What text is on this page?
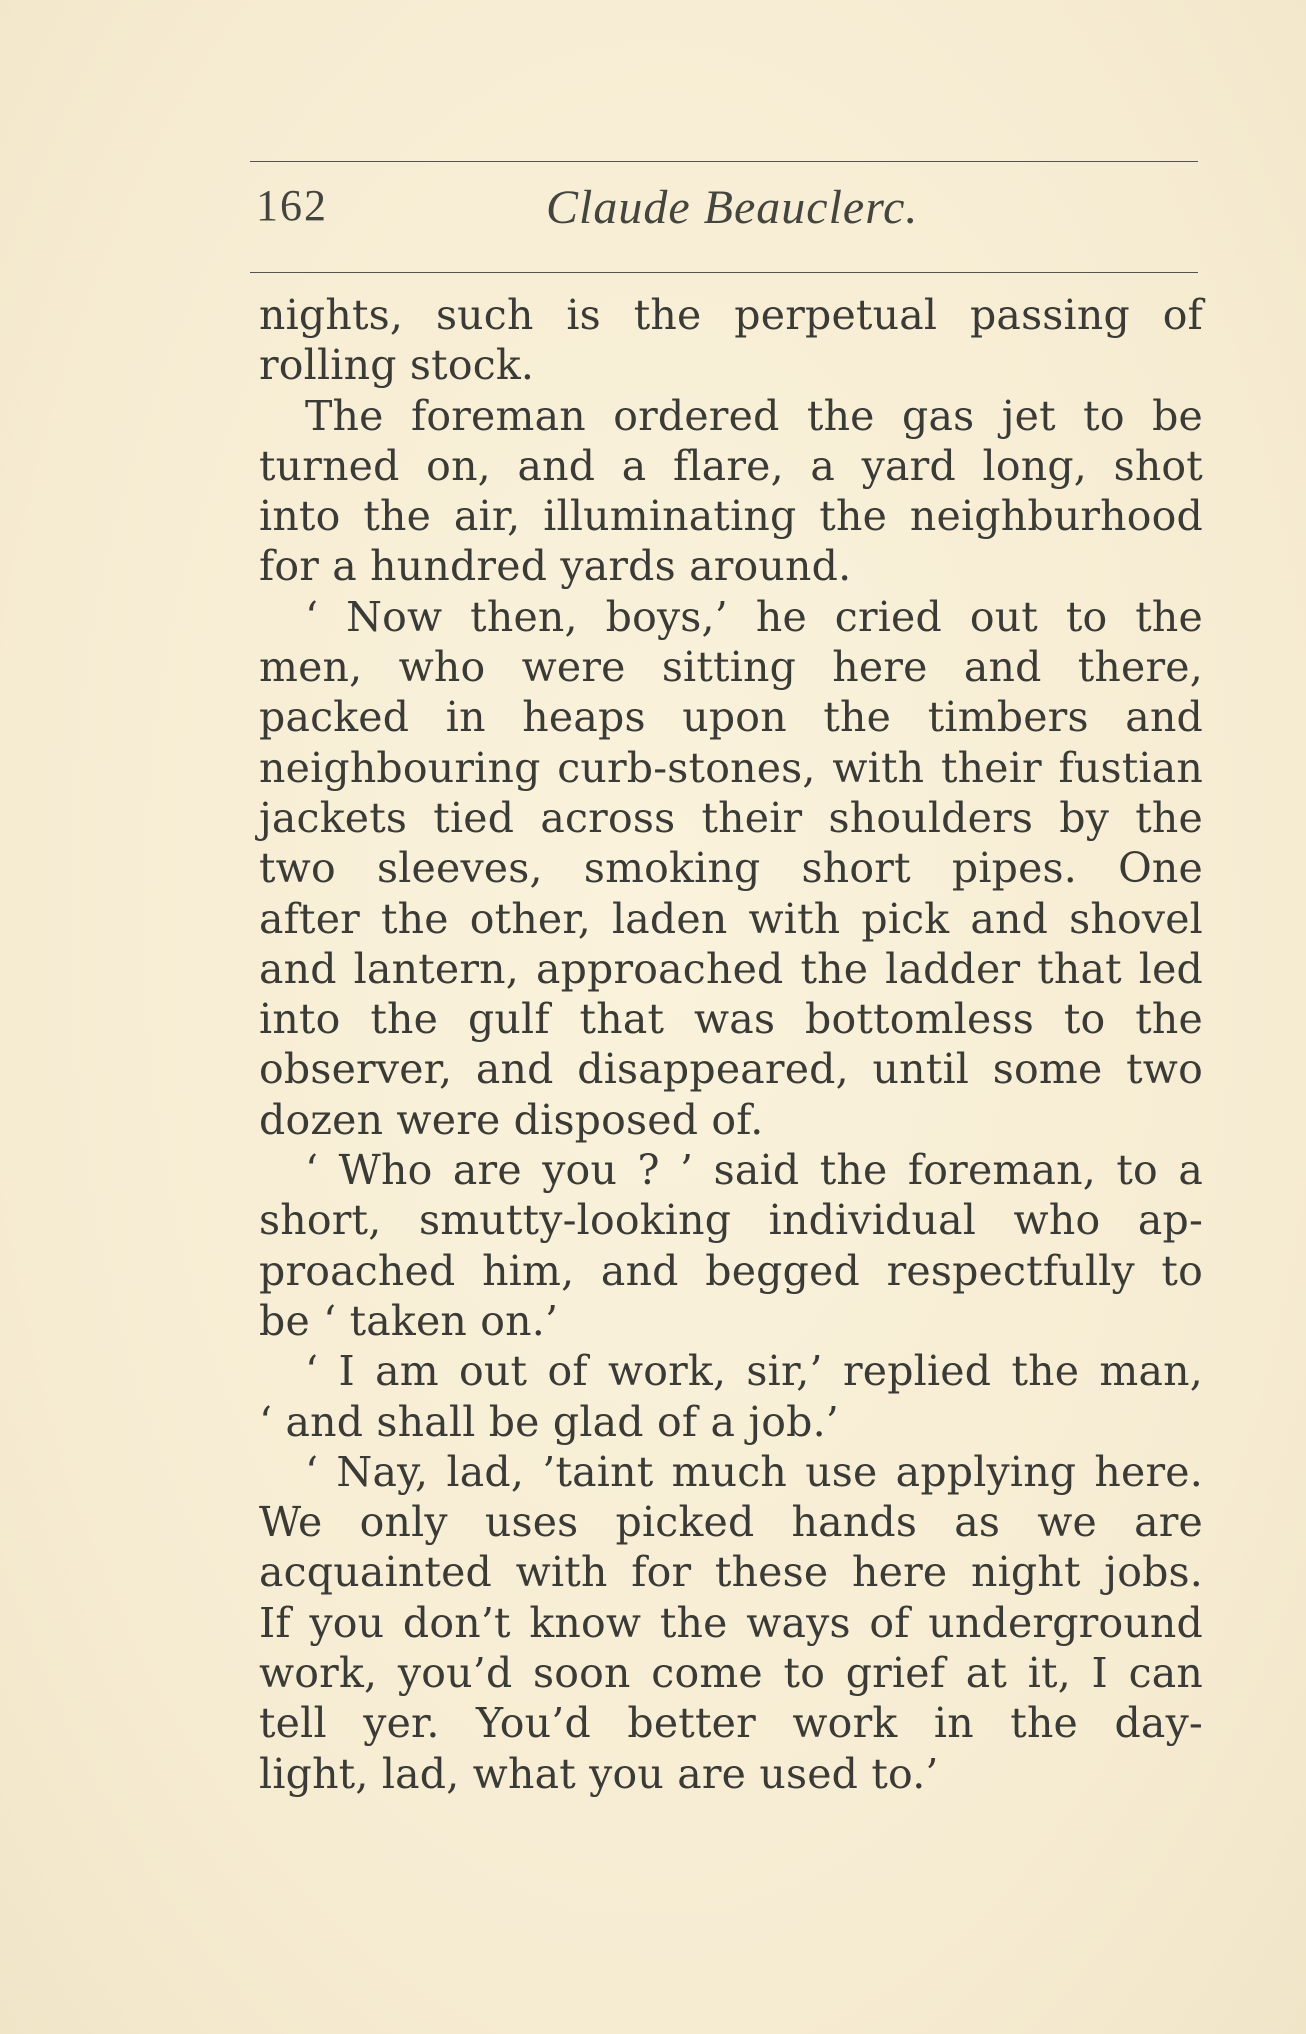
162	Claude Beauclerc.
nights, such is the perpetual passing of
rolling stock.
The foreman ordered the gas jet to be
turned on, and a flare, a yard long, shot
into the air, illuminating the neighburhood
for a hundred yards around.
‘ Now then, boys,’ he cried out to the
men, who were sitting here and there,
packed in heaps upon the timbers and
neighbouring curb-stones, with their fustian
jackets tied across their shoulders by the
two sleeves, smoking short pipes. One
after the other, laden with pick and shovel
and lantern, approached the ladder that led
into the gulf that was bottomless to the
observer, and disappeared, until some two
dozen were disposed of.
‘ Who are you ? ’ said the foreman, to a
short, smutty-looking individual who ap-
proached him, and begged respectfully to
be ‘ taken on.’
‘ I am out of work, sir,’ replied the man,
‘ and shall be glad of a job.’
‘ Nay, lad, ’taint much use applying here.
We only uses picked hands as we are
acquainted with for these here night jobs.
If you don’t know the ways of underground
work, you’d soon come to grief at it, I can
tell yer. You’d better work in the day-
light, lad, what you are used to.’
